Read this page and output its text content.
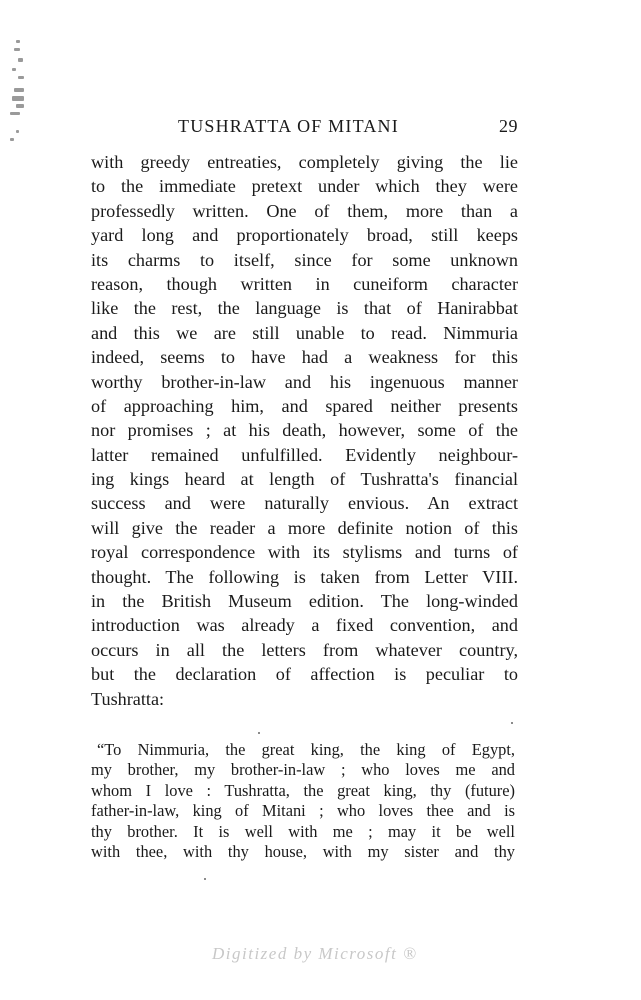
TUSHRATTA OF MITANI	29
with greedy entreaties, completely giving the lie
to the immediate pretext under which they were
professedly written. One of them, more than a
yard long and proportionately broad, still keeps
its charms to itself, since for some unknown
reason, though written in cuneiform character
like the rest, the language is that of Hanirabbat
and this we are still unable to read. Nimmuria
indeed, seems to have had a weakness for this
worthy brother-in-law and his ingenuous manner
of approaching him, and spared neither presents
nor promises ; at his death, however, some of the
latter remained unfulfilled. Evidently neighbour-
ing kings heard at length of Tushratta's financial
success and were naturally envious. An extract
will give the reader a more definite notion of this
royal correspondence with its stylisms and turns of
thought. The following is taken from Letter VIII.
in the British Museum edition. The long-winded
introduction was already a fixed convention, and
occurs in all the letters from whatever country,
but the declaration of affection is peculiar to
Tushratta:
“To Nimmuria, the great king, the king of Egypt,
my brother, my brother-in-law ; who loves me and
whom I love : Tushratta, the great king, thy (future)
father-in-law, king of Mitani ; who loves thee and is
thy brother. It is well with me ; may it be well
with thee, with thy house, with my sister and thy
Digitized by Microsoft ®
